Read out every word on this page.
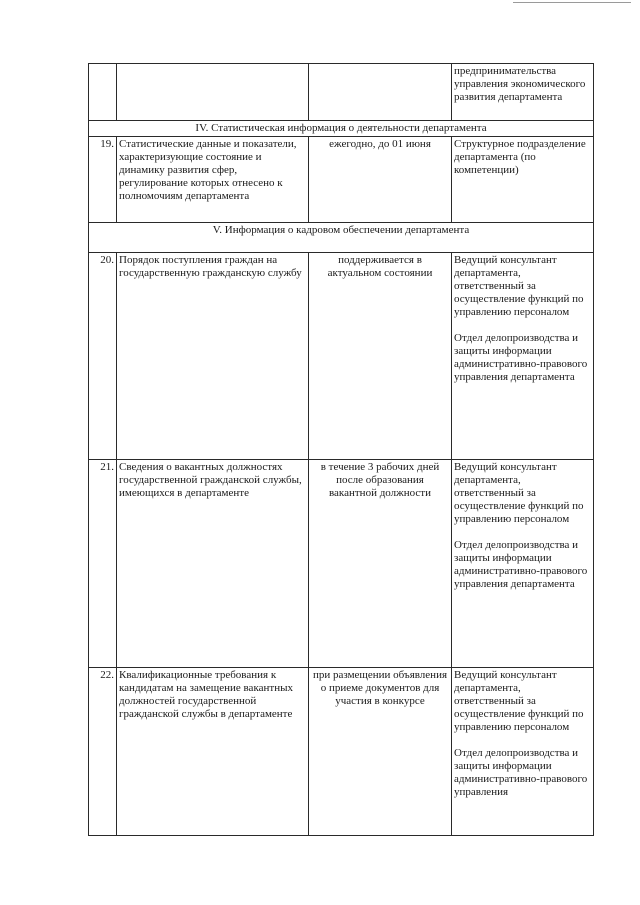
			предпринимательства управления экономического развития департамента
IV. Статистическая информация о деятельности департамента			
19.	Статистические данные и показатели, характеризующие состояние и динамику развития сфер, регулирование которых отнесено к полномочиям департамента	ежегодно, до 01 июня	Структурное подразделение департамента (по компетенции)
V. Информация о кадровом обеспечении департамента			
20.	Порядок поступления граждан на государственную гражданскую службу	поддерживается в актуальном состоянии	Ведущий консультант департамента, ответственный за осуществление функций по управлению персоналом
Отдел делопроизводства и защиты информации административно-правового управления департамента

21.	Сведения о вакантных должностях государственной гражданской службы, имеющихся в департаменте	в течение 3 рабочих дней после образования вакантной должности	Ведущий консультант департамента, ответственный за осуществление функций по управлению персоналом
Отдел делопроизводства и защиты информации административно-правового управления департамента

22.	Квалификационные требования к кандидатам на замещение вакантных должностей государственной гражданской службы в департаменте	при размещении объявления о приеме документов для участия в конкурсе	Ведущий консультант департамента, ответственный за осуществление функций по управлению персоналом
Отдел делопроизводства и защиты информации административно-правового управления
